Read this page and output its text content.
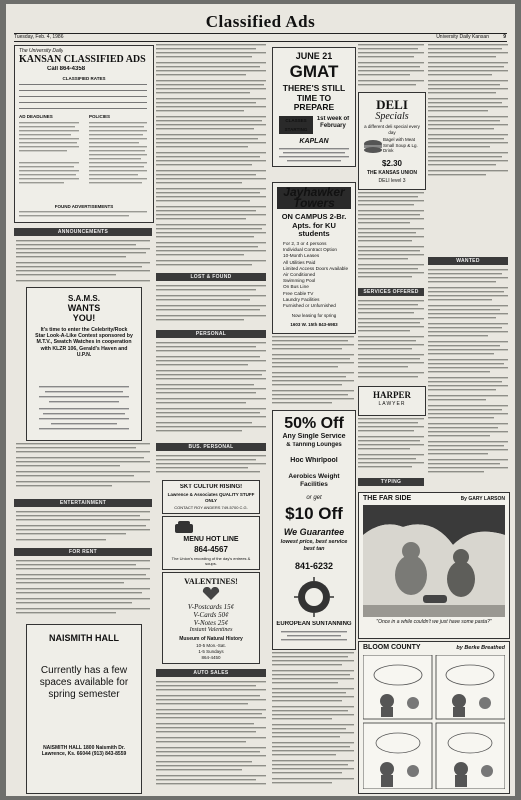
Classified Ads
Tuesday, Feb. 4, 1986	University Daily Kansan	9
The University Daily
KANSAN CLASSIFIED ADS
Call 864-4358
CLASSIFIED RATES
AD DEADLINES	POLICIES
FOUND ADVERTISEMENTS
ANNOUNCEMENTS
S.A.M.S.
WANTS
YOU!
It's time to enter the Celebrity/Rock Star Look-A-Like Contest sponsored by M.T.V., Swatch Watches in cooperation with KLZR 106, Gerald's Haven and U.P.N.
ENTERTAINMENT
FOR RENT
NAISMITH HALL
Currently has a few spaces available for spring semester
NAISMITH HALL 1800 Naismith Dr. Lawrence, Ks. 66044 (913) 843-8559
LOST & FOUND
PERSONAL
BUS. PERSONAL
SKT CULTUR RISING!
Lawrence & Associates QUALITY STUFF ONLY
CONTACT ROY ANDERS 749-5700 C.G.
MENU HOT LINE
864-4567
The Union's recording of the day's entrees & soups.
VALENTINES!
V-Postcards 15¢
V-Cards 50¢
V-Notes 25¢
Instant Valentines
Museum of Natural History
10-5 Mon.-Sat.
1-5 Sundays
864-4450
AUTO SALES
JUNE 21
GMAT
THERE'S STILL TIME TO PREPARE
CLASSES STARTING
1st week of February
KAPLAN
Jayhawker Towers
ON CAMPUS 2-Br. Apts. for KU students
For 2, 3 or 4 persons
Individual Contract Option
10-Month Leases
All Utilities Paid
Limited Access Doors Available
Air Conditioned
Swimming Pool
On Bus Line
Free Cable TV
Laundry Facilities
Furnished or Unfurnished
Now leasing for spring
1603 W. 15th 843-6983
50% Off
Any Single Service
& Tanning Lounges
Hoc Whirlpool
Aerobics Weight Facilities
or get
$10 Off
We Guarantee
lowest price, best service best tan
841-6232
EUROPEAN SUNTANNING
DELI
Specials
a different deli special every day
Bagel with Meat Small Soup & Lg. Drink
$2.30
THE KANSAS UNION
DELI level 3
SERVICES OFFERED
HARPER
LAWYER
TYPING
WANTED
THE FAR SIDE	By GARY LARSON
"Once in a while couldn't we just have some pasta?"
BLOOM COUNTY	by Berke Breathed
